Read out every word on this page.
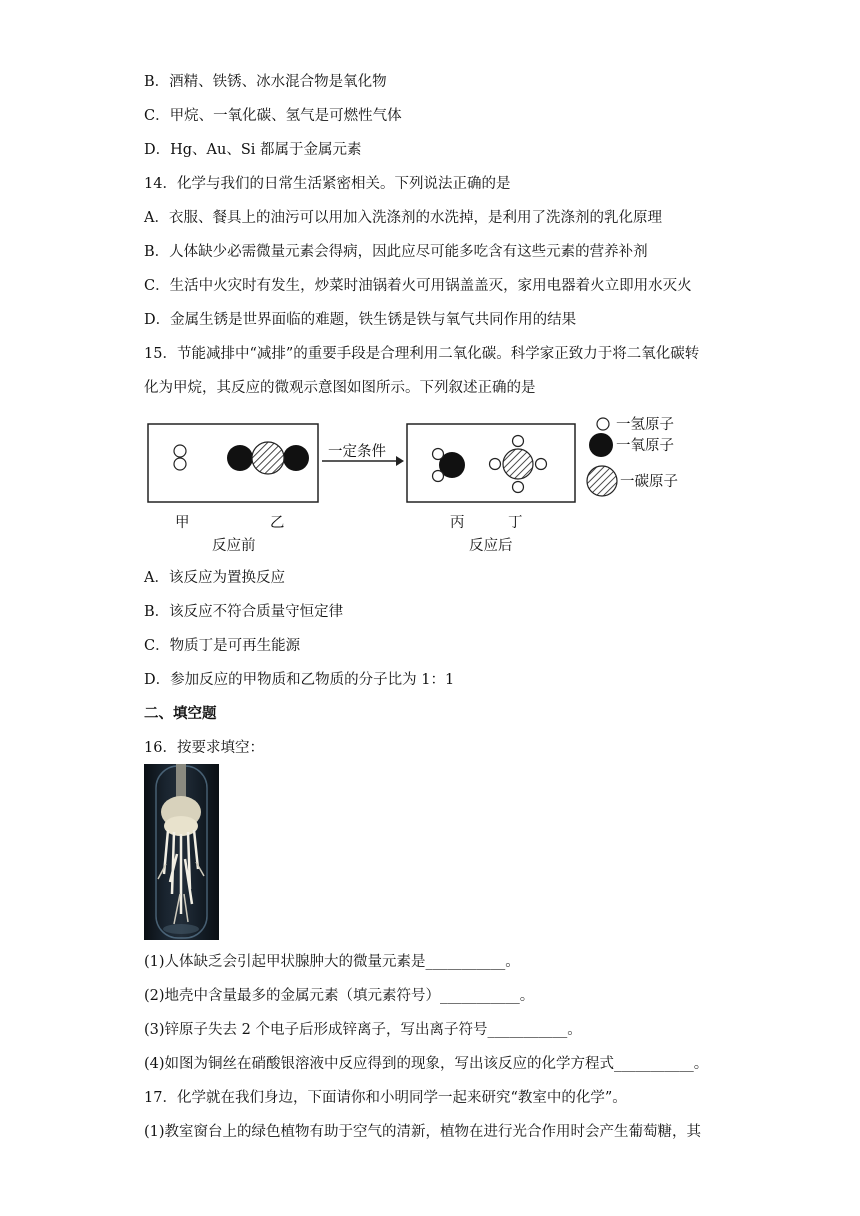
B．酒精、铁锈、冰水混合物是氧化物
C．甲烷、一氧化碳、氢气是可燃性气体
D．Hg、Au、Si 都属于金属元素
14．化学与我们的日常生活紧密相关。下列说法正确的是
A．衣服、餐具上的油污可以用加入洗涤剂的水洗掉，是利用了洗涤剂的乳化原理
B．人体缺少必需微量元素会得病，因此应尽可能多吃含有这些元素的营养补剂
C．生活中火灾时有发生，炒菜时油锅着火可用锅盖盖灭，家用电器着火立即用水灭火
D．金属生锈是世界面临的难题，铁生锈是铁与氧气共同作用的结果
15．节能减排中“减排”的重要手段是合理利用二氧化碳。科学家正致力于将二氧化碳转
化为甲烷，其反应的微观示意图如图所示。下列叙述正确的是
一定条件
甲	乙
反应前
丙	丁
反应后
一氢原子
一氧原子
一碳原子
A．该反应为置换反应
B．该反应不符合质量守恒定律
C．物质丁是可再生能源
D．参加反应的甲物质和乙物质的分子比为 1：1
二、填空题
16．按要求填空：
(1)人体缺乏会引起甲状腺肿大的微量元素是___________。
(2)地壳中含量最多的金属元素（填元素符号）___________。
(3)锌原子失去 2 个电子后形成锌离子，写出离子符号___________。
(4)如图为铜丝在硝酸银溶液中反应得到的现象，写出该反应的化学方程式___________。
17．化学就在我们身边，下面请你和小明同学一起来研究“教室中的化学”。
(1)教室窗台上的绿色植物有助于空气的清新，植物在进行光合作用时会产生葡萄糖，其
